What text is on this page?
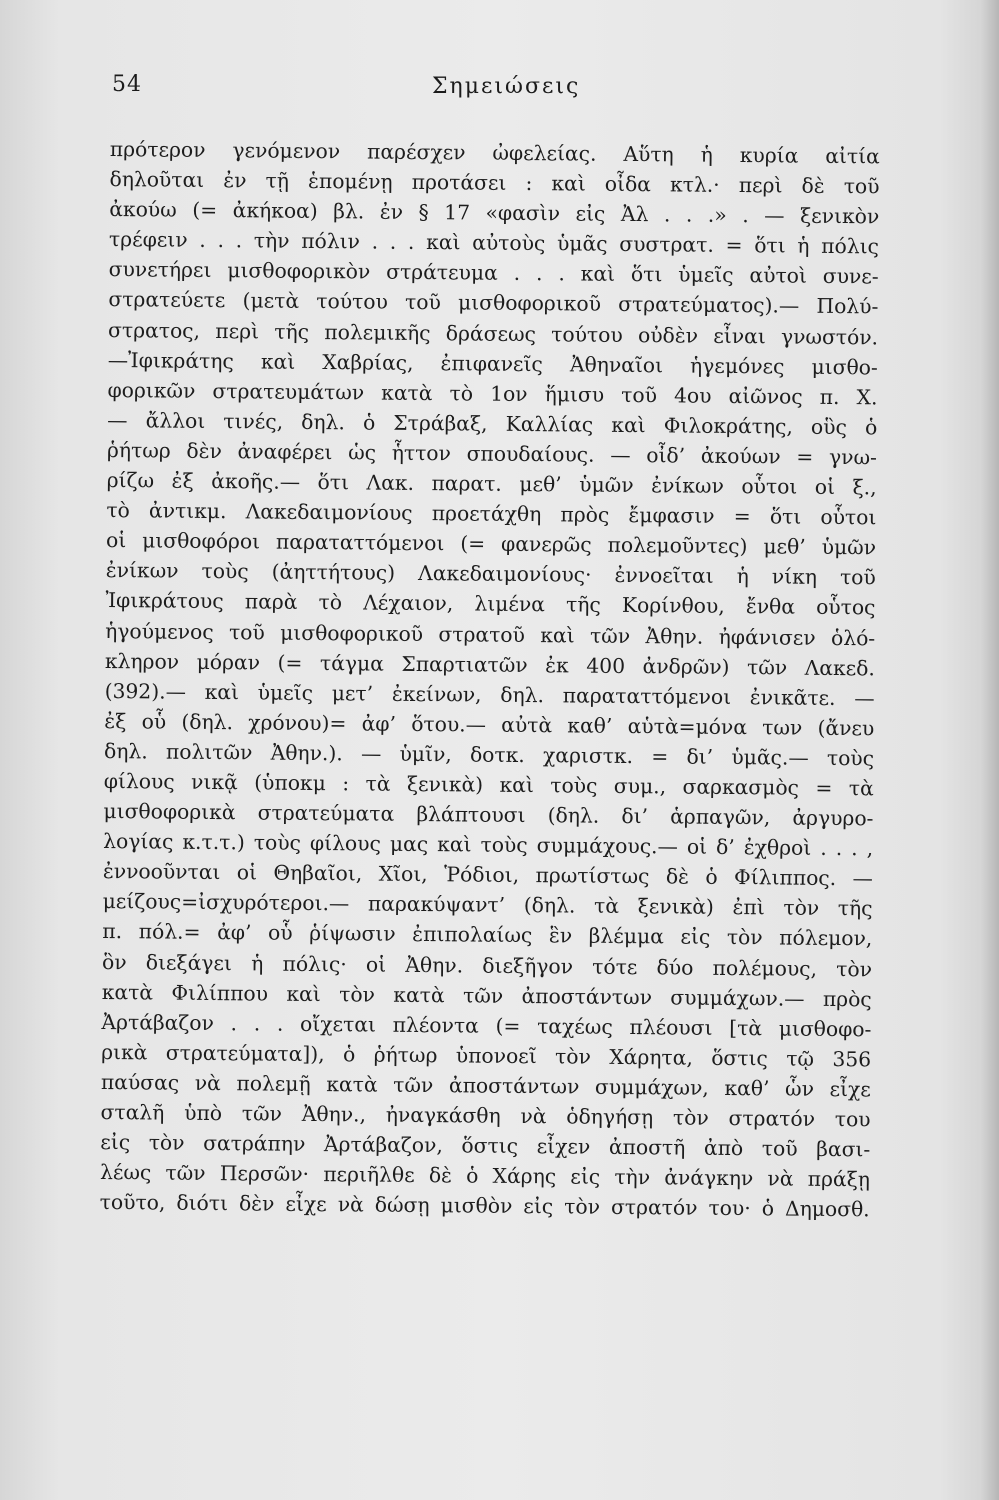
54	Σημειώσεις
πρότερον γενόμενον παρέσχεν ὠφελείας. Αὕτη ἡ κυρία αἰτία
δηλοῦται ἐν τῇ ἑπομένῃ προτάσει : καὶ οἶδα κτλ.· περὶ δὲ τοῦ
ἀκούω (= ἀκήκοα) βλ. ἐν § 17 «φασὶν εἰς Ἀλ . . .» . — ξενικὸν
τρέφειν . . . τὴν πόλιν . . . καὶ αὐτοὺς ὑμᾶς συστρατ. = ὅτι ἡ πόλις
συνετήρει μισθοφορικὸν στράτευμα . . . καὶ ὅτι ὑμεῖς αὐτοὶ συνε-
στρατεύετε (μετὰ τούτου τοῦ μισθοφορικοῦ στρατεύματος).— Πολύ-
στρατος, περὶ τῆς πολεμικῆς δράσεως τούτου οὐδὲν εἶναι γνωστόν.
—Ἰφικράτης καὶ Χαβρίας, ἐπιφανεῖς Ἀθηναῖοι ἡγεμόνες μισθο-
φορικῶν στρατευμάτων κατὰ τὸ 1ον ἥμισυ τοῦ 4ου αἰῶνος π. Χ.
— ἄλλοι τινές, δηλ. ὁ Στράβαξ, Καλλίας καὶ Φιλοκράτης, οὓς ὁ
ῥήτωρ δὲν ἀναφέρει ὡς ἧττον σπουδαίους. — οἶδ’ ἀκούων = γνω-
ρίζω ἐξ ἀκοῆς.— ὅτι Λακ. παρατ. μεθ’ ὑμῶν ἐνίκων οὗτοι οἱ ξ.,
τὸ ἀντικμ. Λακεδαιμονίους προετάχθη πρὸς ἔμφασιν = ὅτι οὗτοι
οἱ μισθοφόροι παραταττόμενοι (= φανερῶς πολεμοῦντες) μεθ’ ὑμῶν
ἐνίκων τοὺς (ἀηττήτους) Λακεδαιμονίους· ἐννοεῖται ἡ νίκη τοῦ
Ἰφικράτους παρὰ τὸ Λέχαιον, λιμένα τῆς Κορίνθου, ἔνθα οὗτος
ἡγούμενος τοῦ μισθοφορικοῦ στρατοῦ καὶ τῶν Ἀθην. ἠφάνισεν ὁλό-
κληρον μόραν (= τάγμα Σπαρτιατῶν ἐκ 400 ἀνδρῶν) τῶν Λακεδ.
(392).— καὶ ὑμεῖς μετ’ ἐκείνων, δηλ. παραταττόμενοι ἐνικᾶτε. —
ἐξ οὗ (δηλ. χρόνου)= ἀφ’ ὅτου.— αὐτὰ καθ’ αὑτὰ=μόνα των (ἄνευ
δηλ. πολιτῶν Ἀθην.). — ὑμῖν, δοτκ. χαριστκ. = δι’ ὑμᾶς.— τοὺς
φίλους νικᾷ (ὑποκμ : τὰ ξενικὰ) καὶ τοὺς συμ., σαρκασμὸς = τὰ
μισθοφορικὰ στρατεύματα βλάπτουσι (δηλ. δι’ ἁρπαγῶν, ἀργυρο-
λογίας κ.τ.τ.) τοὺς φίλους μας καὶ τοὺς συμμάχους.— οἱ δ’ ἐχθροὶ . . . ,
ἐννοοῦνται οἱ Θηβαῖοι, Χῖοι, Ῥόδιοι, πρωτίστως δὲ ὁ Φίλιππος. —
μείζους=ἰσχυρότεροι.— παρακύψαντ’ (δηλ. τὰ ξενικὰ) ἐπὶ τὸν τῆς
π. πόλ.= ἀφ’ οὗ ῥίψωσιν ἐπιπολαίως ἓν βλέμμα εἰς τὸν πόλεμον,
ὃν διεξάγει ἡ πόλις· οἱ Ἀθην. διεξῆγον τότε δύο πολέμους, τὸν
κατὰ Φιλίππου καὶ τὸν κατὰ τῶν ἀποστάντων συμμάχων.— πρὸς
Ἀρτάβαζον . . . οἴχεται πλέοντα (= ταχέως πλέουσι [τὰ μισθοφο-
ρικὰ στρατεύματα]), ὁ ῥήτωρ ὑπονοεῖ τὸν Χάρητα, ὅστις τῷ 356
παύσας νὰ πολεμῇ κατὰ τῶν ἀποστάντων συμμάχων, καθ’ ὧν εἶχε
σταλῆ ὑπὸ τῶν Ἀθην., ἠναγκάσθη νὰ ὁδηγήσῃ τὸν στρατόν του
εἰς τὸν σατράπην Ἀρτάβαζον, ὅστις εἶχεν ἀποστῆ ἀπὸ τοῦ βασι-
λέως τῶν Περσῶν· περιῆλθε δὲ ὁ Χάρης εἰς τὴν ἀνάγκην νὰ πράξῃ
τοῦτο, διότι δὲν εἶχε νὰ δώσῃ μισθὸν εἰς τὸν στρατόν του· ὁ Δημοσθ.
